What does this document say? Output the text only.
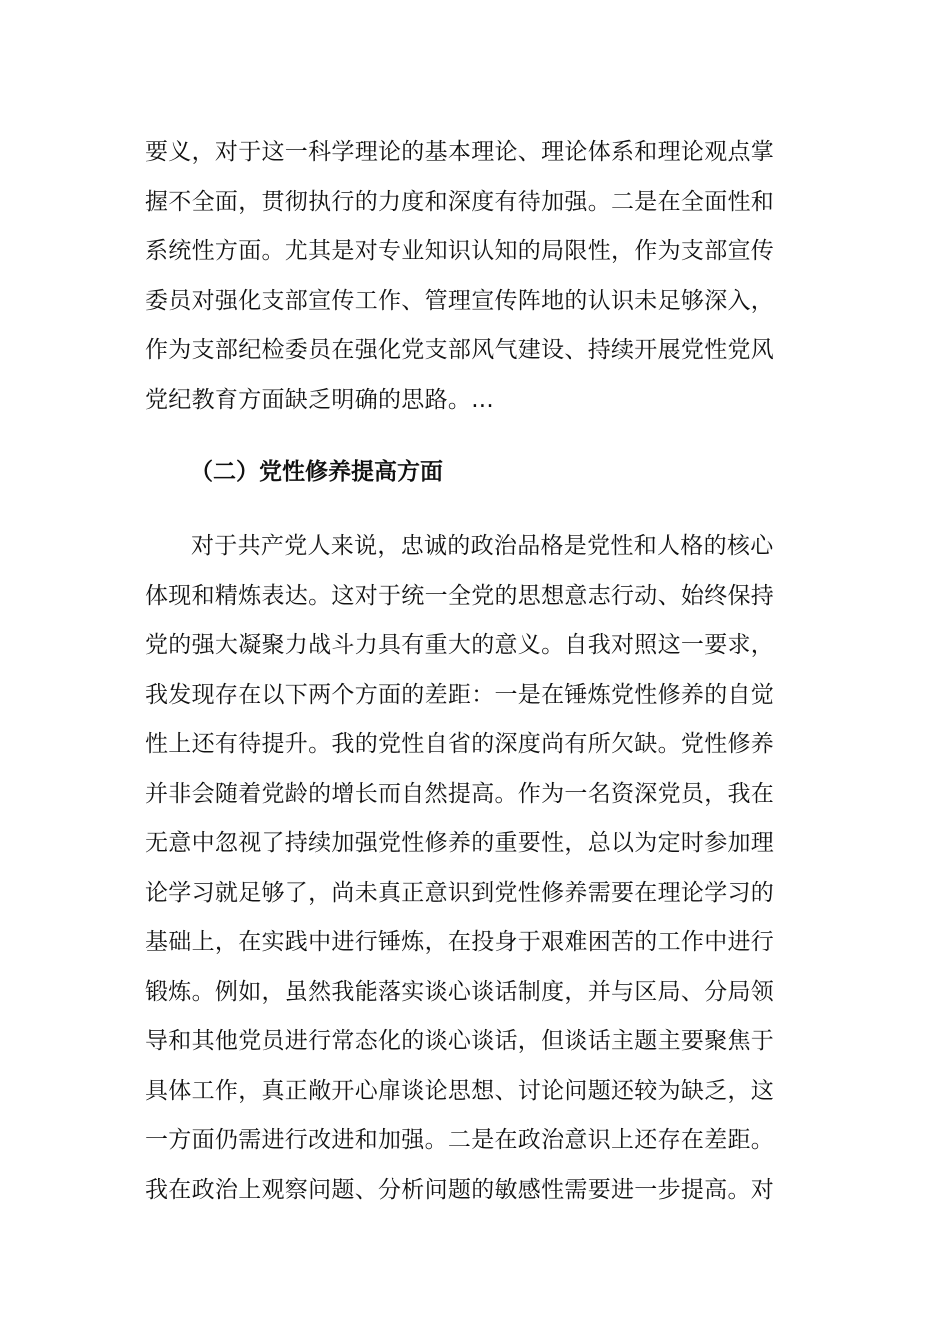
要义，对于这一科学理论的基本理论、理论体系和理论观点掌
握不全面，贯彻执行的力度和深度有待加强。二是在全面性和
系统性方面。尤其是对专业知识认知的局限性，作为支部宣传
委员对强化支部宣传工作、管理宣传阵地的认识未足够深入，
作为支部纪检委员在强化党支部风气建设、持续开展党性党风
党纪教育方面缺乏明确的思路。...
（二）党性修养提高方面
对于共产党人来说，忠诚的政治品格是党性和人格的核心
体现和精炼表达。这对于统一全党的思想意志行动、始终保持
党的强大凝聚力战斗力具有重大的意义。自我对照这一要求，
我发现存在以下两个方面的差距：一是在锤炼党性修养的自觉
性上还有待提升。我的党性自省的深度尚有所欠缺。党性修养
并非会随着党龄的增长而自然提高。作为一名资深党员，我在
无意中忽视了持续加强党性修养的重要性，总以为定时参加理
论学习就足够了，尚未真正意识到党性修养需要在理论学习的
基础上，在实践中进行锤炼，在投身于艰难困苦的工作中进行
锻炼。例如，虽然我能落实谈心谈话制度，并与区局、分局领
导和其他党员进行常态化的谈心谈话，但谈话主题主要聚焦于
具体工作，真正敞开心扉谈论思想、讨论问题还较为缺乏，这
一方面仍需进行改进和加强。二是在政治意识上还存在差距。
我在政治上观察问题、分析问题的敏感性需要进一步提高。对
